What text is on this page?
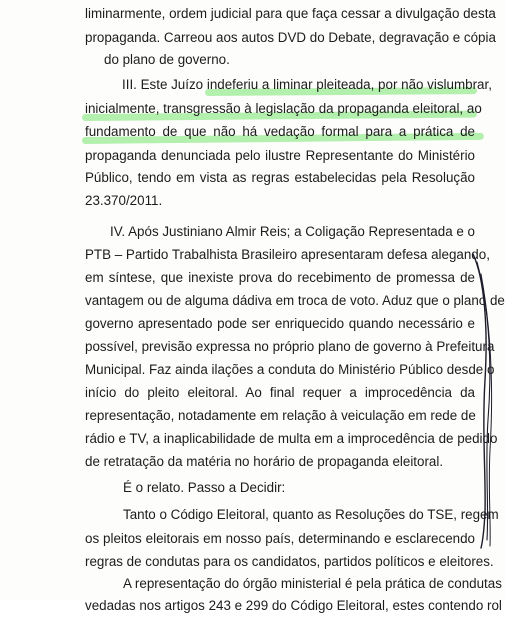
liminarmente, ordem judicial para que faça cessar a divulgação desta
propaganda. Carreou aos autos DVD do Debate, degravação e cópia
do plano de governo.
III. Este Juízo indeferiu a liminar pleiteada, por não vislumbrar,
inicialmente, transgressão à legislação da propaganda eleitoral, ao
fundamento de que não há vedação formal para a prática de
propaganda denunciada pelo ilustre Representante do Ministério
Público, tendo em vista as regras estabelecidas pela Resolução
23.370/2011.
IV. Após Justiniano Almir Reis; a Coligação Representada e o
PTB – Partido Trabalhista Brasileiro apresentaram defesa alegando,
em síntese, que inexiste prova do recebimento de promessa de
vantagem ou de alguma dádiva em troca de voto. Aduz que o plano de
governo apresentado pode ser enriquecido quando necessário e
possível, previsão expressa no próprio plano de governo à Prefeitura
Municipal. Faz ainda ilações a conduta do Ministério Público desde o
início do pleito eleitoral. Ao final requer a improcedência da
representação, notadamente em relação à veiculação em rede de
rádio e TV, a inaplicabilidade de multa em a improcedência de pedido
de retratação da matéria no horário de propaganda eleitoral.
É o relato. Passo a Decidir:
Tanto o Código Eleitoral, quanto as Resoluções do TSE, regem
os pleitos eleitorais em nosso país, determinando e esclarecendo
regras de condutas para os candidatos, partidos políticos e eleitores.
A representação do órgão ministerial é pela prática de condutas
vedadas nos artigos 243 e 299 do Código Eleitoral, estes contendo rol
